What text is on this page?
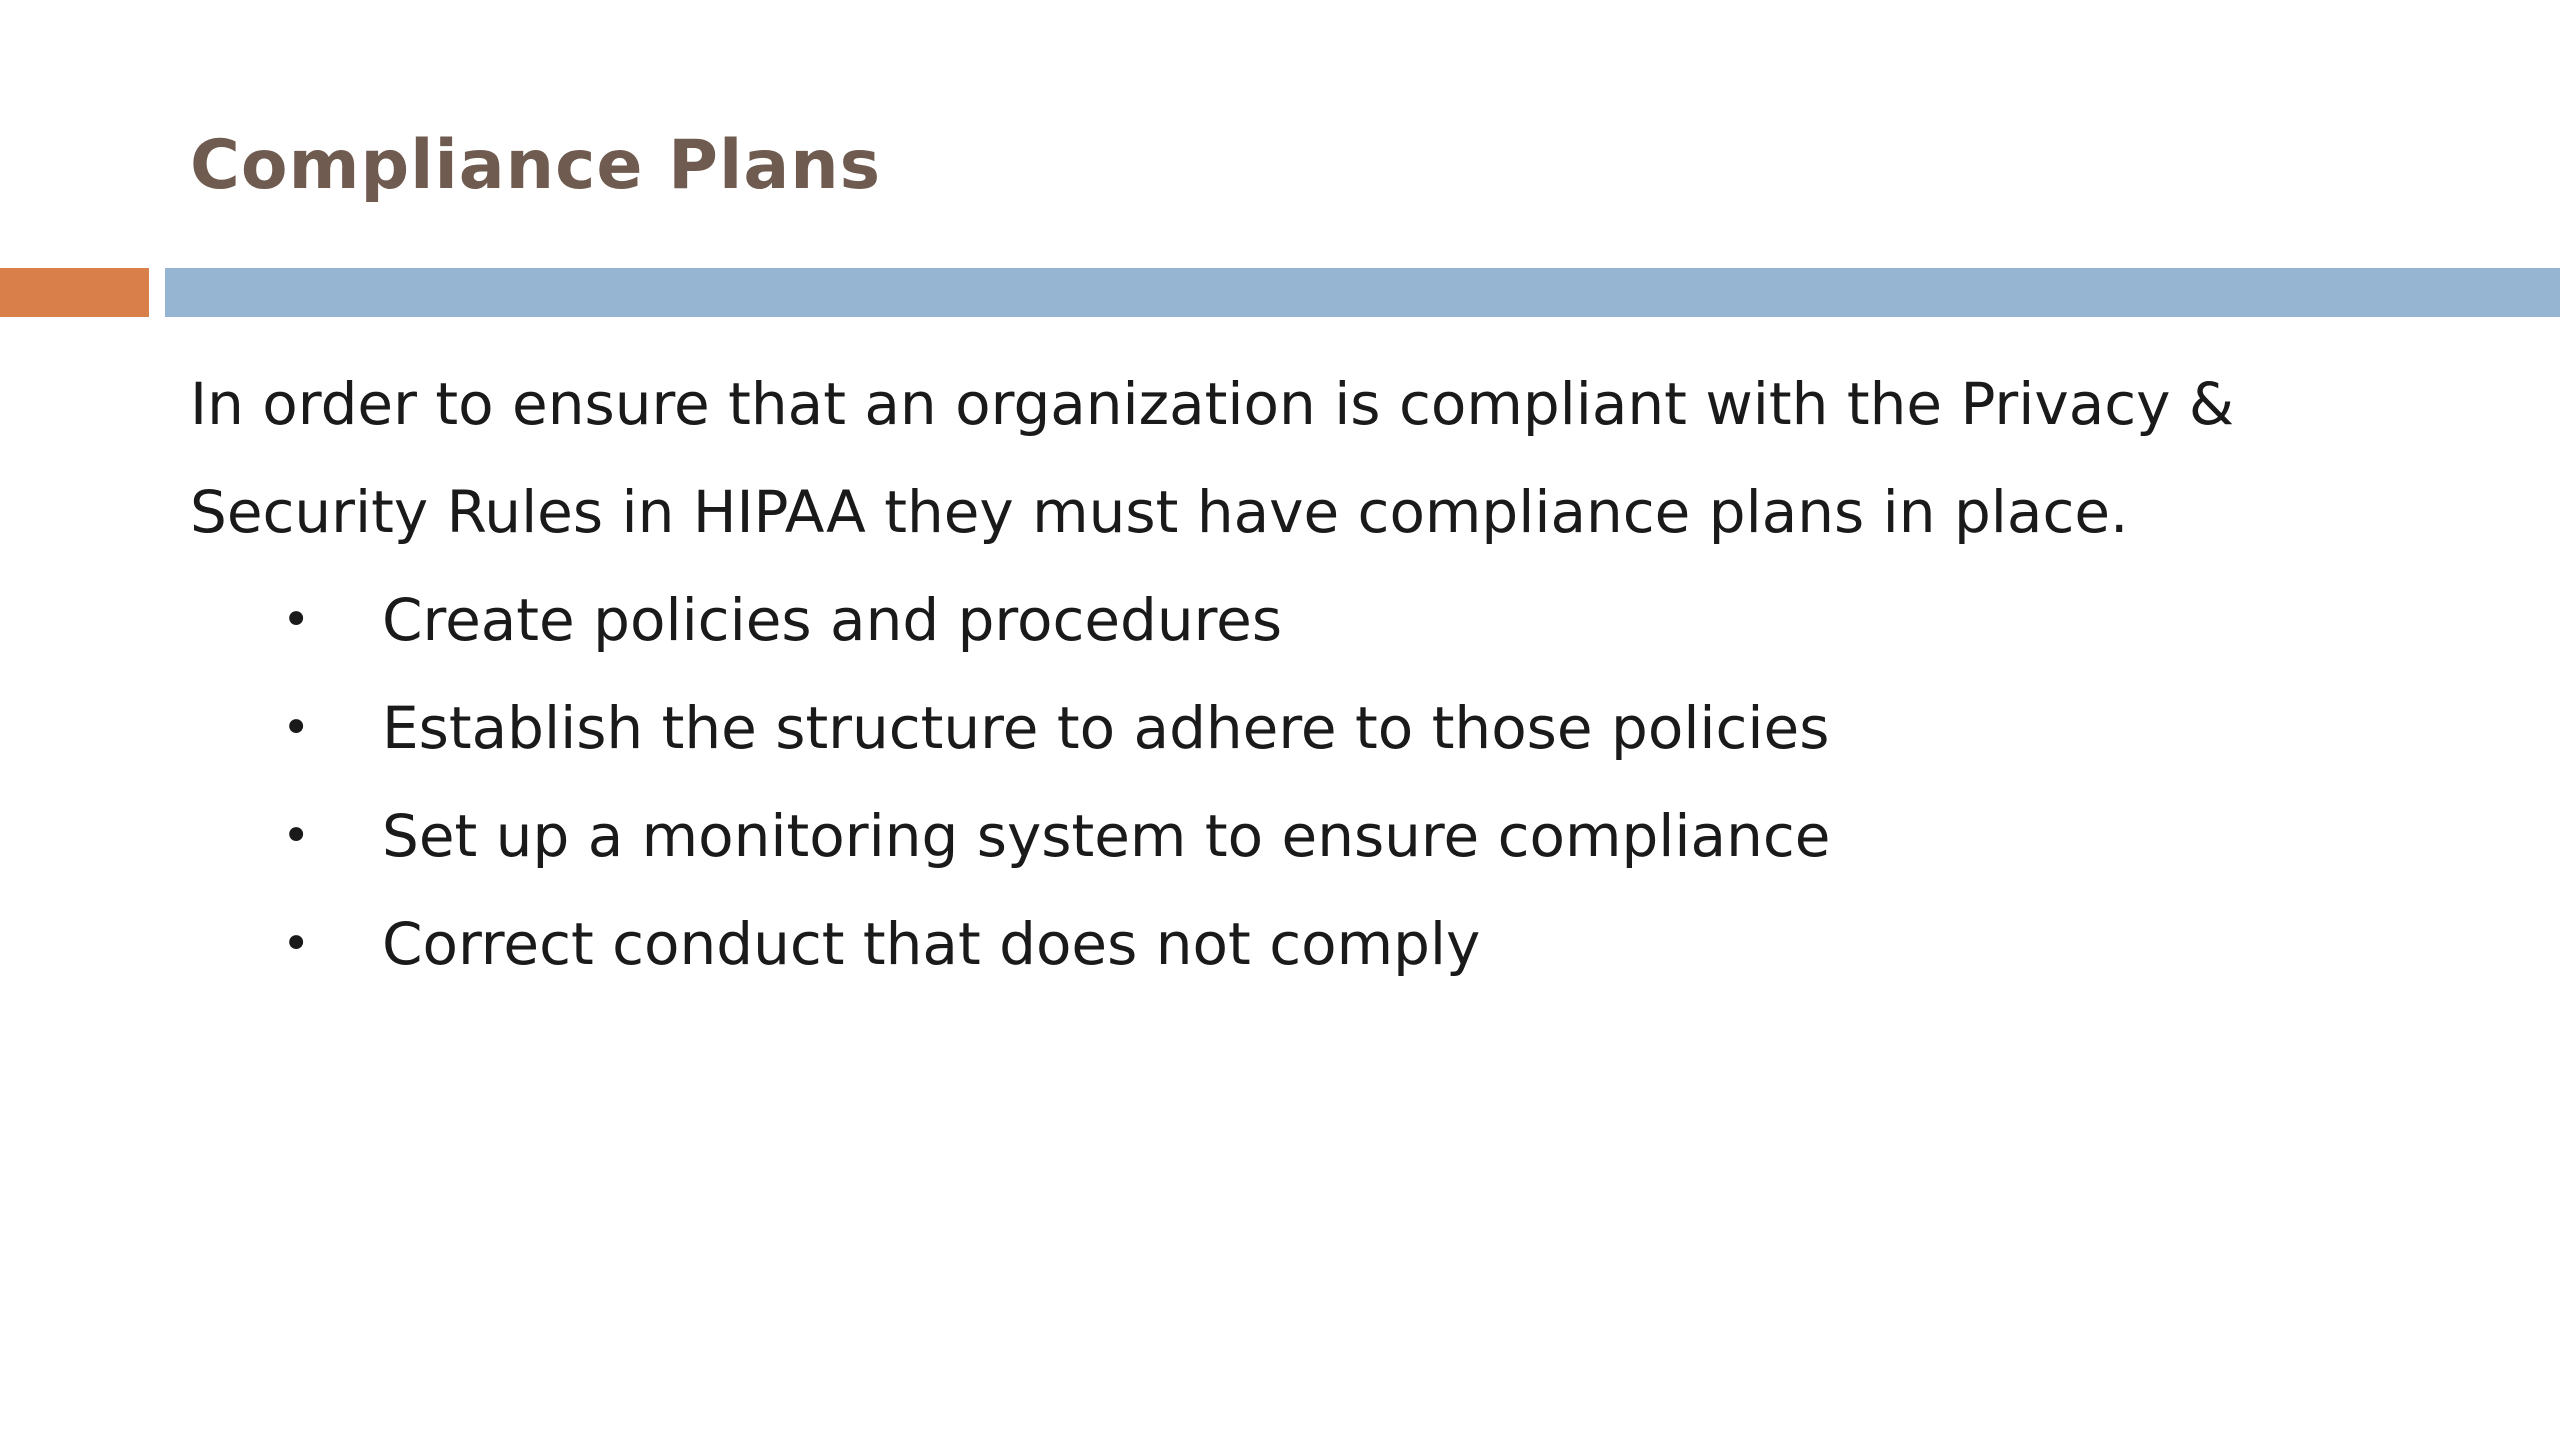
Compliance Plans

In order to ensure that an organization is compliant with the Privacy & Security Rules in HIPAA they must have compliance plans in place.

•	Create policies and procedures
•	Establish the structure to adhere to those policies
•	Set up a monitoring system to ensure compliance
•	Correct conduct that does not comply
